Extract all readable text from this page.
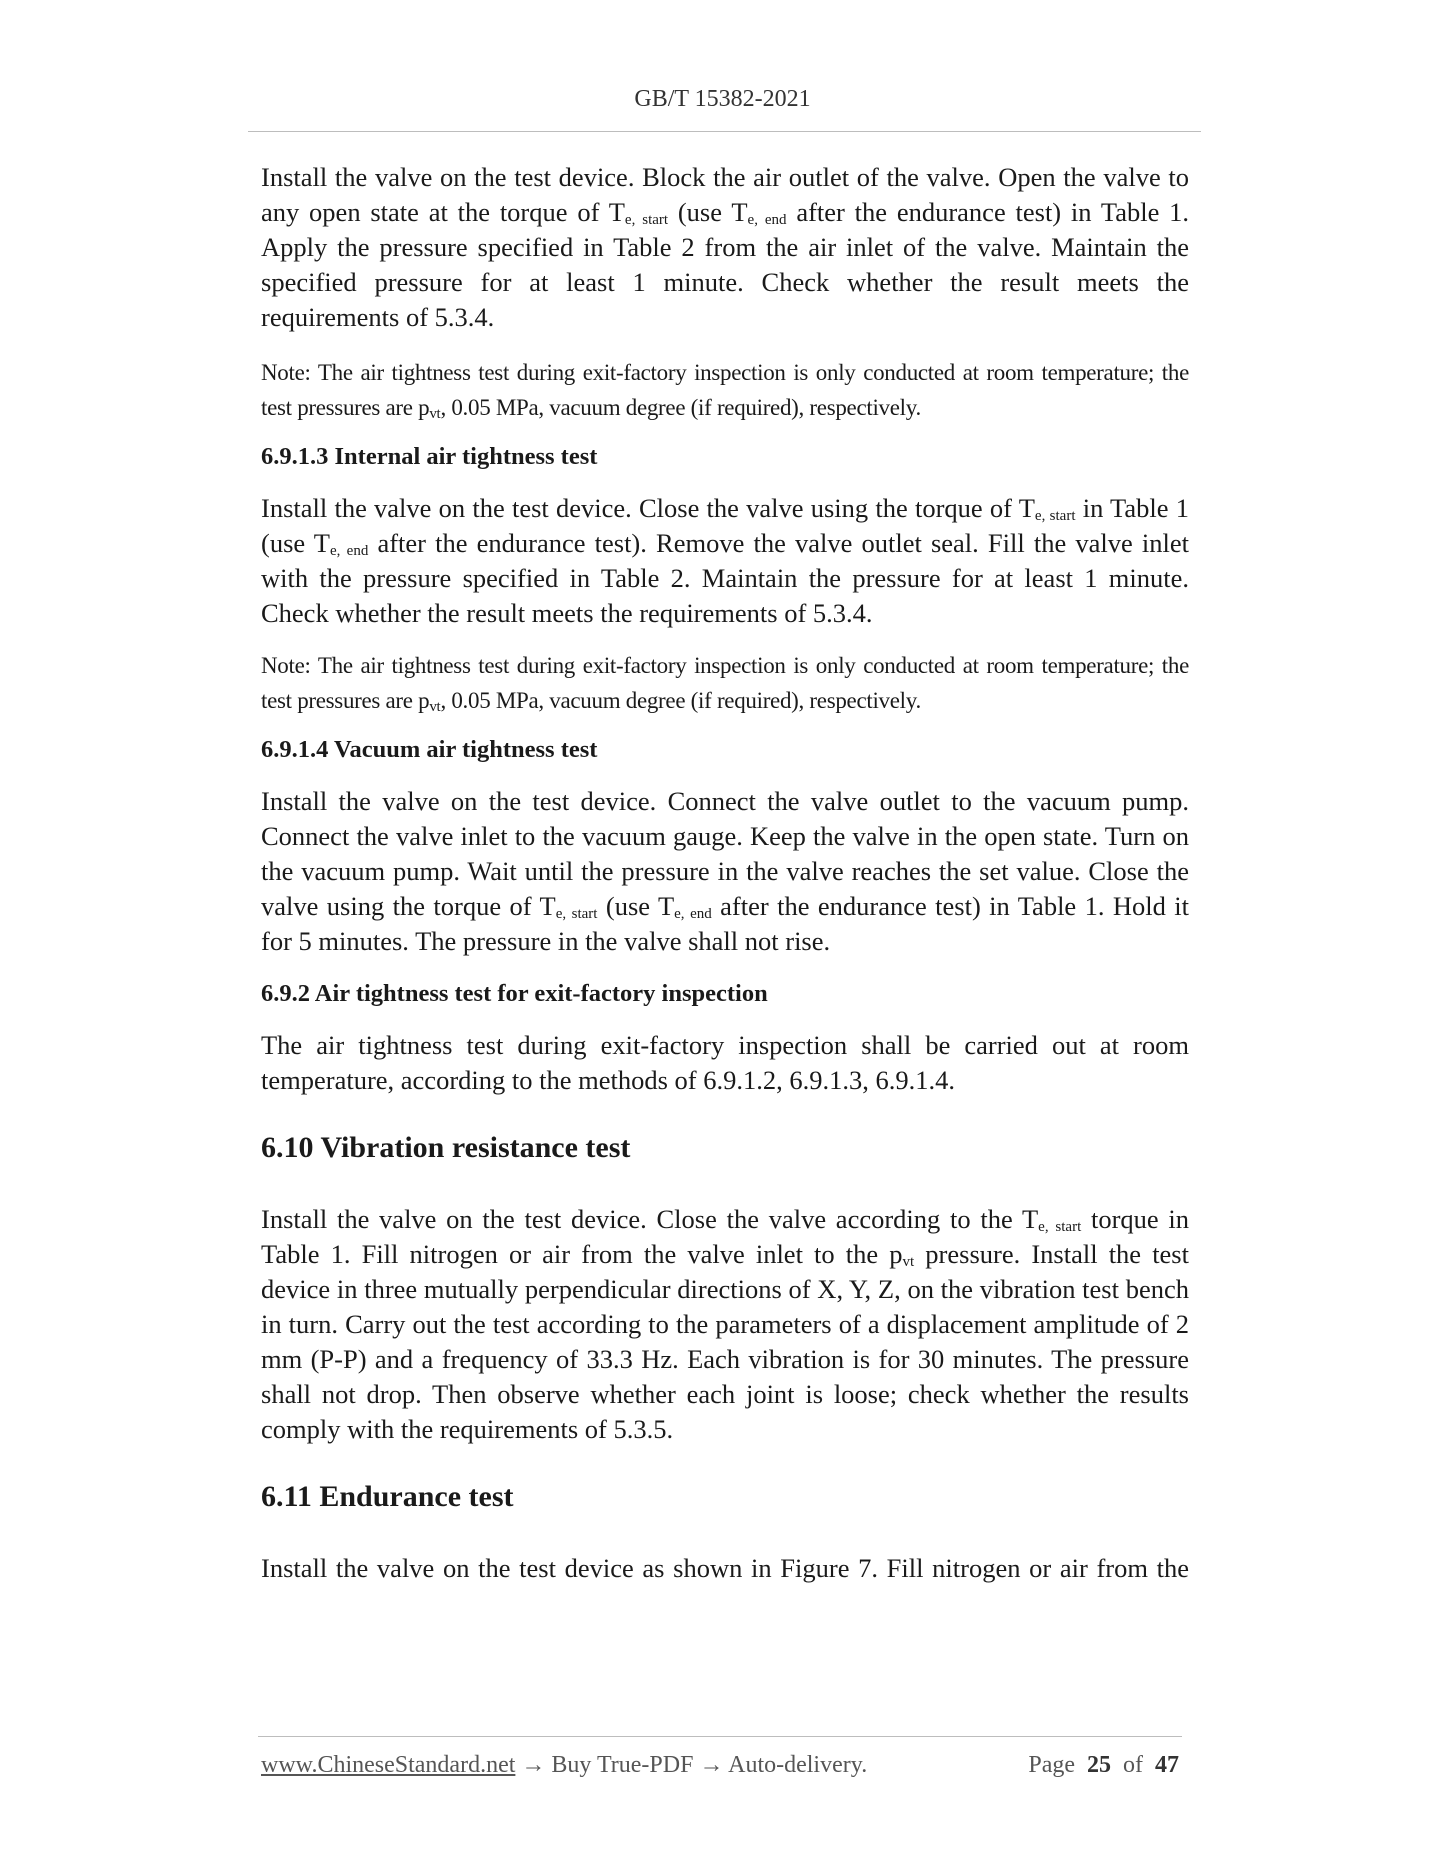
GB/T 15382-2021

Install the valve on the test device. Block the air outlet of the valve. Open the valve to any open state at the torque of $T_{e, start}$ (use $T_{e, end}$ after the endurance test) in Table 1. Apply the pressure specified in Table 2 from the air inlet of the valve. Maintain the specified pressure for at least 1 minute. Check whether the result meets the requirements of 5.3.4.

Note: The air tightness test during exit-factory inspection is only conducted at room temperature; the test pressures are $p_{vt}$, 0.05 MPa, vacuum degree (if required), respectively.

6.9.1.3 Internal air tightness test

Install the valve on the test device. Close the valve using the torque of $T_{e, start}$ in Table 1 (use $T_{e, end}$ after the endurance test). Remove the valve outlet seal. Fill the valve inlet with the pressure specified in Table 2. Maintain the pressure for at least 1 minute. Check whether the result meets the requirements of 5.3.4.

Note: The air tightness test during exit-factory inspection is only conducted at room temperature; the test pressures are $p_{vt}$, 0.05 MPa, vacuum degree (if required), respectively.

6.9.1.4 Vacuum air tightness test

Install the valve on the test device. Connect the valve outlet to the vacuum pump. Connect the valve inlet to the vacuum gauge. Keep the valve in the open state. Turn on the vacuum pump. Wait until the pressure in the valve reaches the set value. Close the valve using the torque of $T_{e, start}$ (use $T_{e, end}$ after the endurance test) in Table 1. Hold it for 5 minutes. The pressure in the valve shall not rise.

6.9.2 Air tightness test for exit-factory inspection

The air tightness test during exit-factory inspection shall be carried out at room temperature, according to the methods of 6.9.1.2, 6.9.1.3, 6.9.1.4.

6.10 Vibration resistance test

Install the valve on the test device. Close the valve according to the $T_{e, start}$ torque in Table 1. Fill nitrogen or air from the valve inlet to the $p_{vt}$ pressure. Install the test device in three mutually perpendicular directions of X, Y, Z, on the vibration test bench in turn. Carry out the test according to the parameters of a displacement amplitude of 2 mm (P-P) and a frequency of 33.3 Hz. Each vibration is for 30 minutes. The pressure shall not drop. Then observe whether each joint is loose; check whether the results comply with the requirements of 5.3.5.

6.11 Endurance test

Install the valve on the test device as shown in Figure 7. Fill nitrogen or air from the

www.ChineseStandard.net → Buy True-PDF → Auto-delivery.	Page 25 of 47
